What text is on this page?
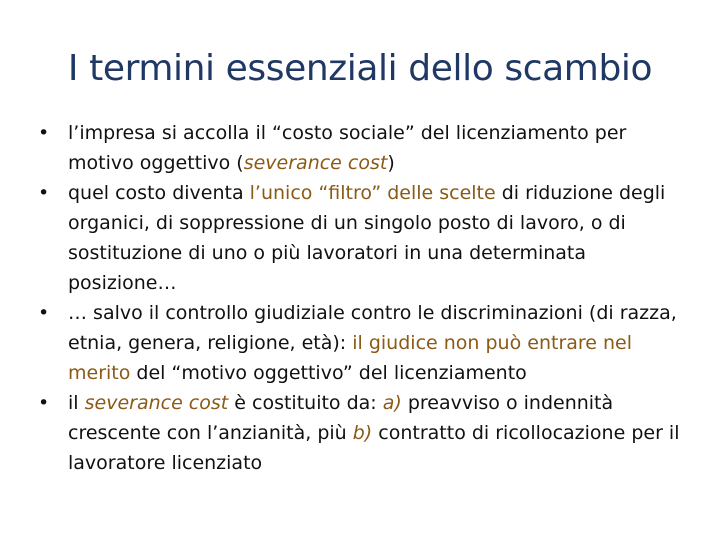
I termini essenziali dello scambio
• l’impresa si accolla il “costo sociale” del licenziamento per motivo oggettivo (severance cost)
• quel costo diventa l’unico “filtro” delle scelte di riduzione degli organici, di soppressione di un singolo posto di lavoro, o di sostituzione di uno o più lavoratori in una determinata posizione…
• … salvo il controllo giudiziale contro le discriminazioni (di razza, etnia, genera, religione, età): il giudice non può entrare nel merito del “motivo oggettivo” del licenziamento
• il severance cost è costituito da: a) preavviso o indennità crescente con l’anzianità, più b) contratto di ricollocazione per il lavoratore licenziato
